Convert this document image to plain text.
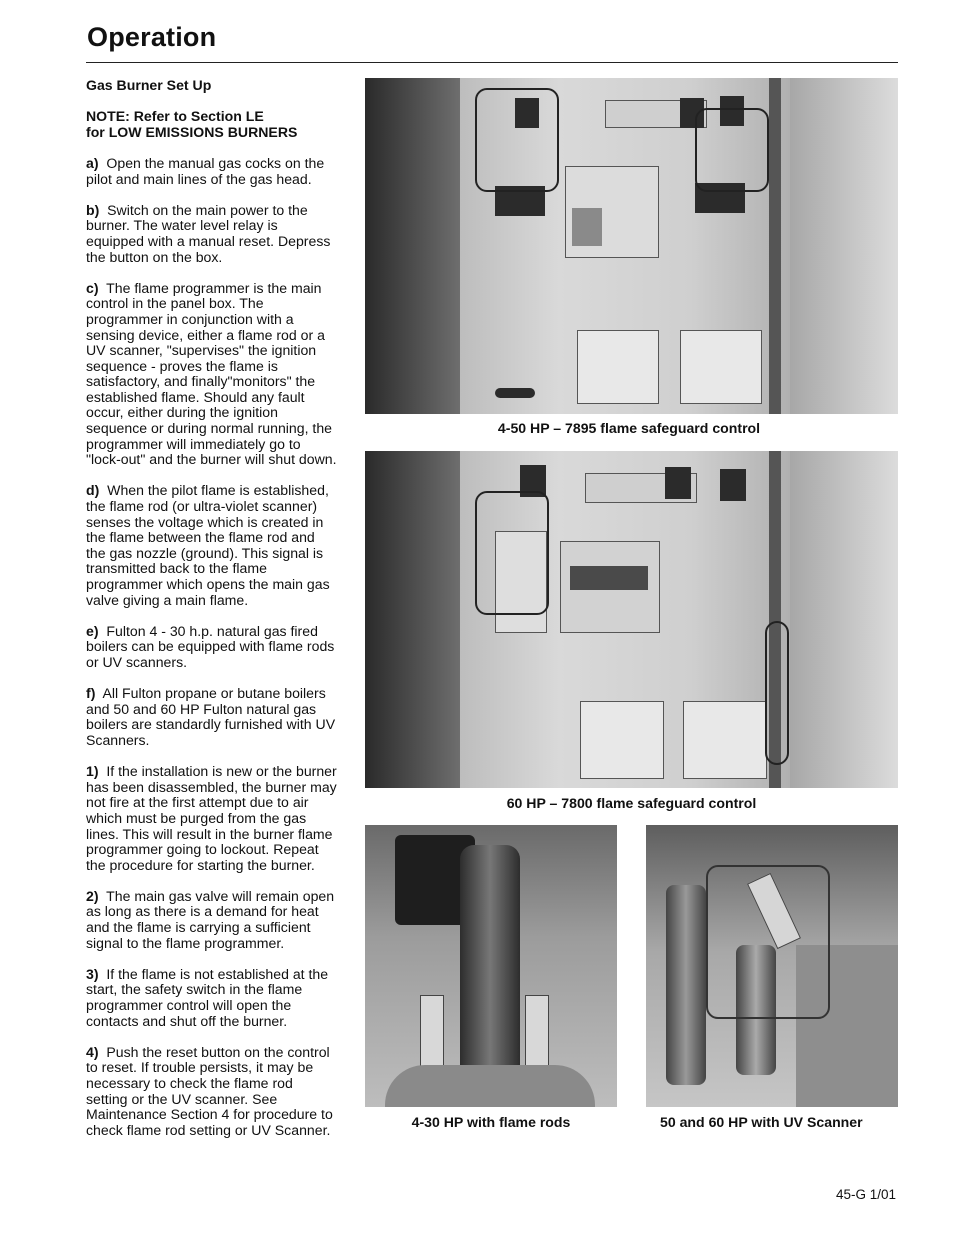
Operation

Gas Burner Set Up

NOTE: Refer to Section LE
for LOW EMISSIONS BURNERS

a) Open the manual gas cocks on the pilot and main lines of the gas head.

b) Switch on the main power to the burner. The water level relay is equipped with a manual reset. Depress the button on the box.

c) The flame programmer is the main control in the panel box. The programmer in conjunction with a sensing device, either a flame rod or a UV scanner, "supervises" the ignition sequence - proves the flame is satisfactory, and finally"monitors" the established flame. Should any fault occur, either during the ignition sequence or during normal running, the programmer will immediately go to "lock-out" and the burner will shut down.

d) When the pilot flame is established, the flame rod (or ultra-violet scanner) senses the voltage which is created in the flame between the flame rod and the gas nozzle (ground). This signal is transmitted back to the flame programmer which opens the main gas valve giving a main flame.

e) Fulton 4 - 30 h.p. natural gas fired boilers can be equipped with flame rods or UV scanners.

f) All Fulton propane or butane boilers and 50 and 60 HP Fulton natural gas boilers are standardly furnished with UV Scanners.

1) If the installation is new or the burner has been disassembled, the burner may not fire at the first attempt due to air which must be purged from the gas lines. This will result in the burner flame programmer going to lockout. Repeat the procedure for starting the burner.

2) The main gas valve will remain open as long as there is a demand for heat and the flame is carrying a sufficient signal to the flame programmer.

3) If the flame is not established at the start, the safety switch in the flame programmer control will open the contacts and shut off the burner.

4) Push the reset button on the control to reset. If trouble persists, it may be necessary to check the flame rod setting or the UV scanner. See Maintenance Section 4 for procedure to check flame rod setting or UV Scanner.

4-50 HP – 7895 flame safeguard control
60 HP – 7800 flame safeguard control
4-30 HP with flame rods	50 and 60 HP with UV Scanner
45-G 1/01
